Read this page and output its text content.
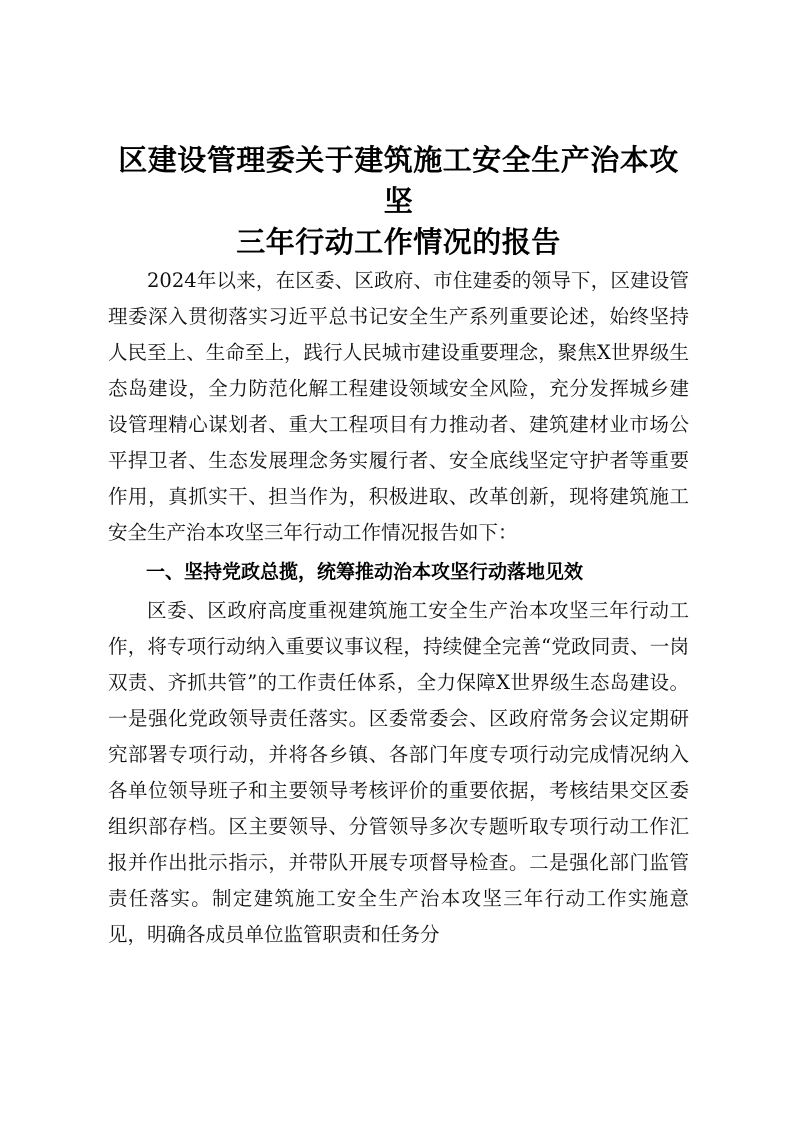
区建设管理委关于建筑施工安全生产治本攻坚
三年行动工作情况的报告

2024年以来，在区委、区政府、市住建委的领导下，区建设管理委深入贯彻落实习近平总书记安全生产系列重要论述，始终坚持人民至上、生命至上，践行人民城市建设重要理念，聚焦X世界级生态岛建设，全力防范化解工程建设领域安全风险，充分发挥城乡建设管理精心谋划者、重大工程项目有力推动者、建筑建材业市场公平捍卫者、生态发展理念务实履行者、安全底线坚定守护者等重要作用，真抓实干、担当作为，积极进取、改革创新，现将建筑施工安全生产治本攻坚三年行动工作情况报告如下：

一、坚持党政总揽，统筹推动治本攻坚行动落地见效

区委、区政府高度重视建筑施工安全生产治本攻坚三年行动工作，将专项行动纳入重要议事议程，持续健全完善“党政同责、一岗双责、齐抓共管”的工作责任体系，全力保障X世界级生态岛建设。一是强化党政领导责任落实。区委常委会、区政府常务会议定期研究部署专项行动，并将各乡镇、各部门年度专项行动完成情况纳入各单位领导班子和主要领导考核评价的重要依据，考核结果交区委组织部存档。区主要领导、分管领导多次专题听取专项行动工作汇报并作出批示指示，并带队开展专项督导检查。二是强化部门监管责任落实。制定建筑施工安全生产治本攻坚三年行动工作实施意见，明确各成员单位监管职责和任务分
